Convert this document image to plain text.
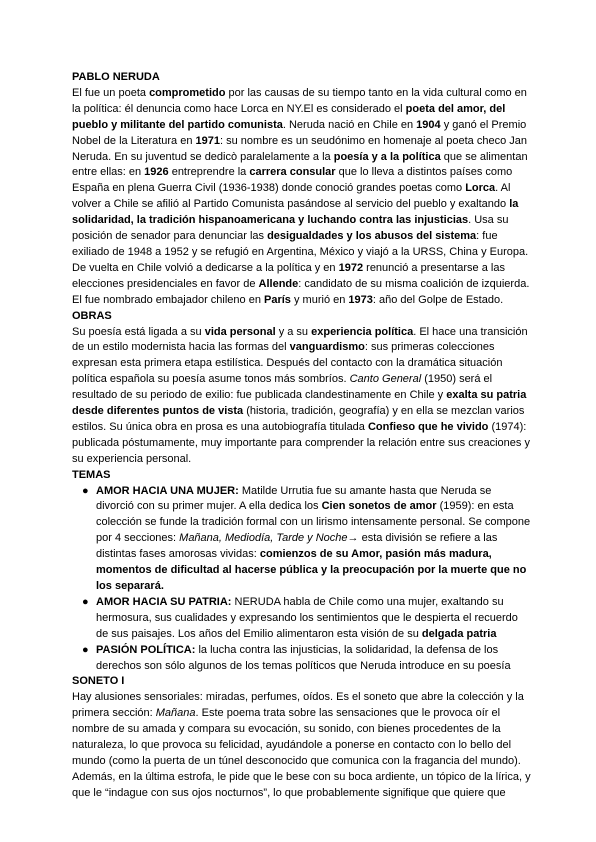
PABLO NERUDA

El fue un poeta comprometido por las causas de su tiempo tanto en la vida cultural como en la política: él denuncia como hace Lorca en NY.El es considerado el poeta del amor, del pueblo y militante del partido comunista. Neruda nació en Chile en 1904 y ganó el Premio Nobel de la Literatura en 1971: su nombre es un seudónimo en homenaje al poeta checo Jan Neruda. En su juventud se dedicò paralelamente a la poesía y a la política que se alimentan entre ellas: en 1926 entreprendre la carrera consular que lo lleva a distintos países como España en plena Guerra Civil (1936-1938) donde conoció grandes poetas como Lorca. Al volver a Chile se afilió al Partido Comunista pasándose al servicio del pueblo y exaltando la solidaridad, la tradición hispanoamericana y luchando contra las injusticias. Usa su posición de senador para denunciar las desigualdades y los abusos del sistema: fue exiliado de 1948 a 1952 y se refugió en Argentina, México y viajó a la URSS, China y Europa. De vuelta en Chile volvió a dedicarse a la política y en 1972 renunció a presentarse a las elecciones presidenciales en favor de Allende: candidato de su misma coalición de izquierda. El fue nombrado embajador chileno en París y murió en 1973: año del Golpe de Estado.

OBRAS

Su poesía está ligada a su vida personal y a su experiencia política. El hace una transición de un estilo modernista hacia las formas del vanguardismo: sus primeras colecciones expresan esta primera etapa estilística. Después del contacto con la dramática situación política española su poesía asume tonos más sombríos. Canto General (1950) será el resultado de su periodo de exilio: fue publicada clandestinamente en Chile y exalta su patria desde diferentes puntos de vista (historia, tradición, geografía) y en ella se mezclan varios estilos. Su única obra en prosa es una autobiografía titulada Confieso que he vivido (1974): publicada póstumamente, muy importante para comprender la relación entre sus creaciones y su experiencia personal.

TEMAS

● AMOR HACIA UNA MUJER: Matilde Urrutia fue su amante hasta que Neruda se divorció con su primer mujer. A ella dedica los Cien sonetos de amor (1959): en esta colección se funde la tradición formal con un lirismo intensamente personal. Se compone por 4 secciones: Mañana, Mediodía, Tarde y Noche→ esta división se refiere a las distintas fases amorosas vividas: comienzos de su Amor, pasión más madura, momentos de dificultad al hacerse pública y la preocupación por la muerte que no los separará.
● AMOR HACIA SU PATRIA: NERUDA habla de Chile como una mujer, exaltando su hermosura, sus cualidades y expresando los sentimientos que le despierta el recuerdo de sus paisajes. Los años del Emilio alimentaron esta visión de su delgada patria
● PASIÓN POLÍTICA: la lucha contra las injusticias, la solidaridad, la defensa de los derechos son sólo algunos de los temas políticos que Neruda introduce en su poesía

SONETO I

Hay alusiones sensoriales: miradas, perfumes, oídos. Es el soneto que abre la colección y la primera sección: Mañana. Este poema trata sobre las sensaciones que le provoca oír el nombre de su amada y compara su evocación, su sonido, con bienes procedentes de la naturaleza, lo que provoca su felicidad, ayudándole a ponerse en contacto con lo bello del mundo (como la puerta de un túnel desconocido que comunica con la fragancia del mundo). Además, en la última estrofa, le pide que le bese con su boca ardiente, un tópico de la lírica, y que le “indague con sus ojos nocturnos”, lo que probablemente signifique que quiere que
